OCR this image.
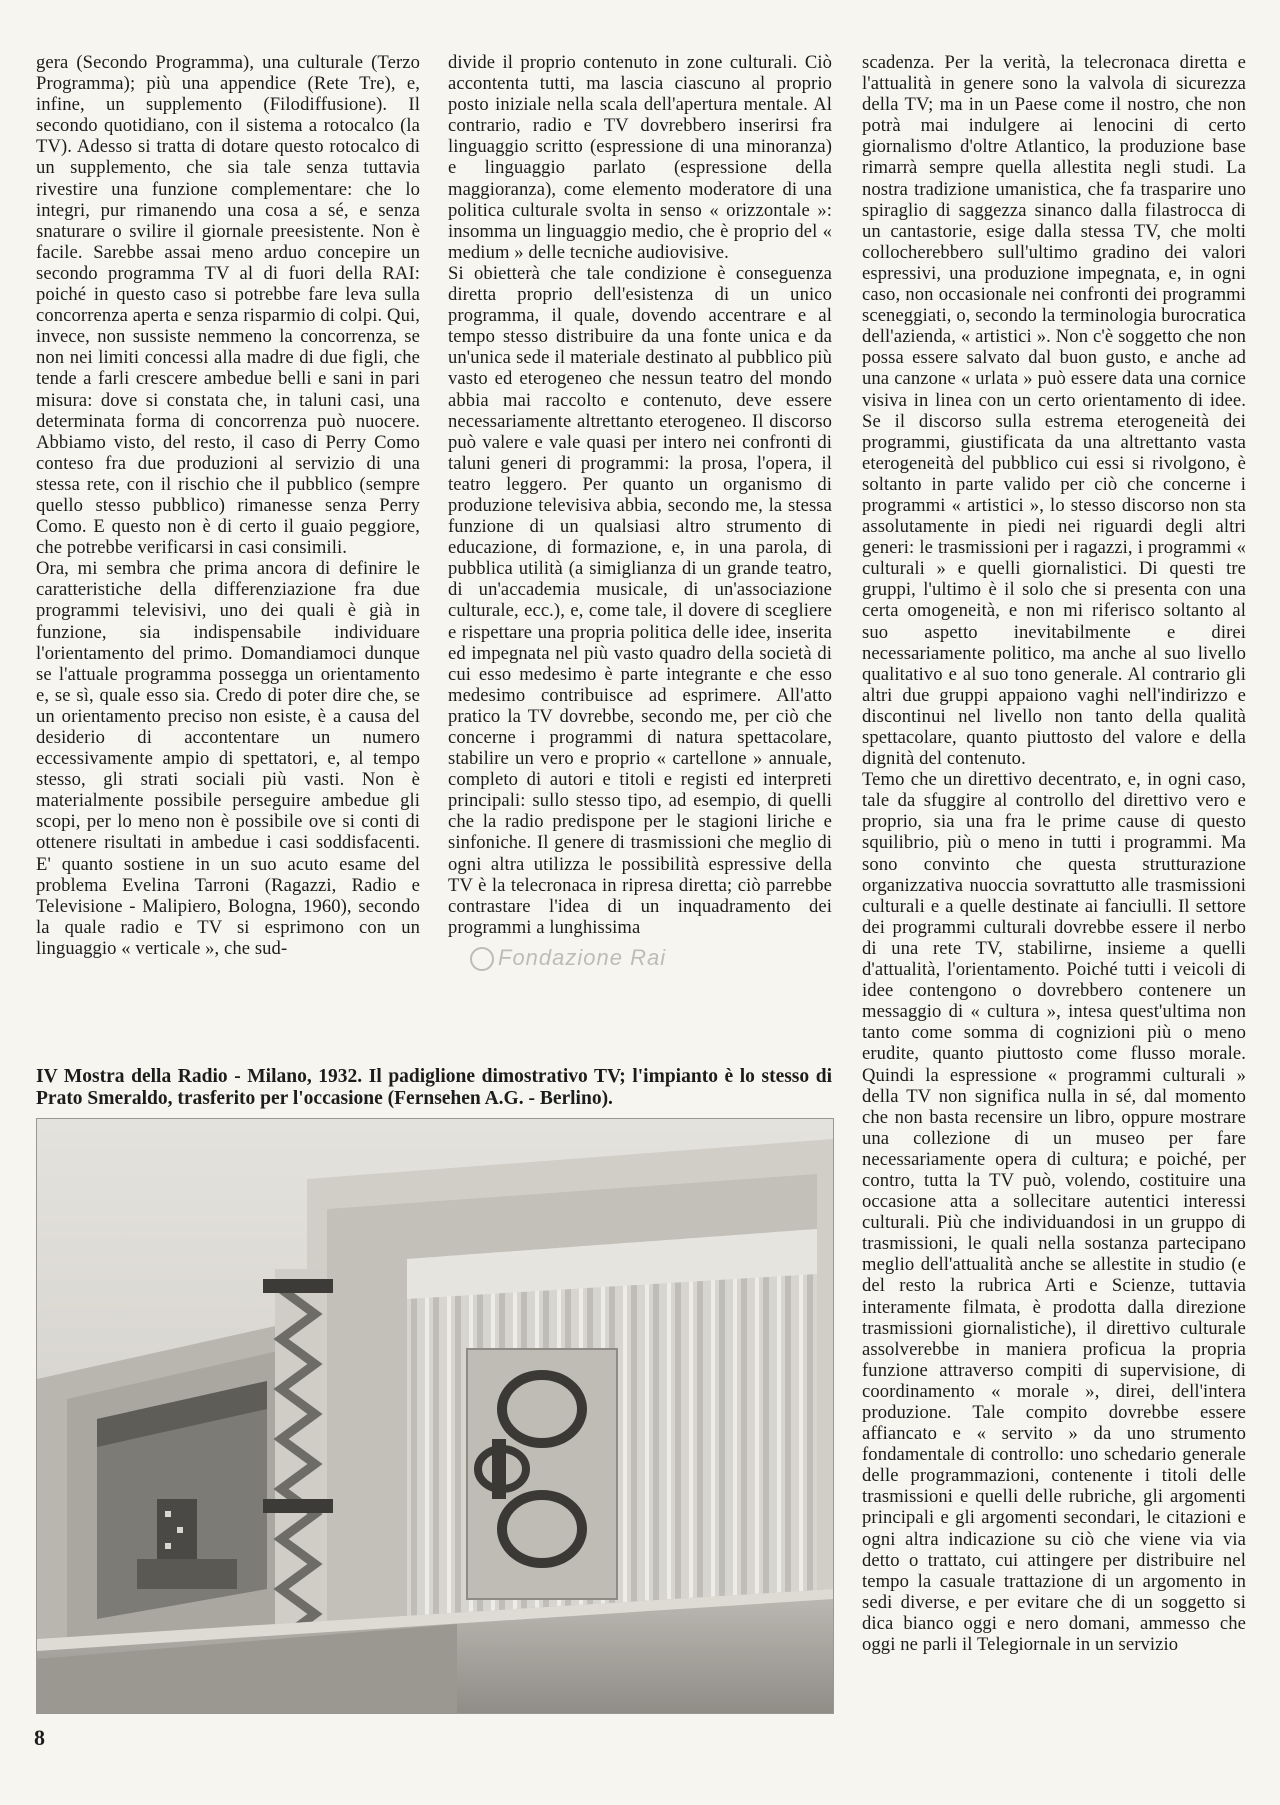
gera (Secondo Programma), una culturale (Terzo Programma); più una appendice (Rete Tre), e, infine, un supplemento (Filodiffusione). Il secondo quotidiano, con il sistema a rotocalco (la TV). Adesso si tratta di dotare questo rotocalco di un supplemento, che sia tale senza tuttavia rivestire una funzione complementare: che lo integri, pur rimanendo una cosa a sé, e senza snaturare o svilire il giornale preesistente. Non è facile. Sarebbe assai meno arduo concepire un secondo programma TV al di fuori della RAI: poiché in questo caso si potrebbe fare leva sulla concorrenza aperta e senza risparmio di colpi. Qui, invece, non sussiste nemmeno la concorrenza, se non nei limiti concessi alla madre di due figli, che tende a farli crescere ambedue belli e sani in pari misura: dove si constata che, in taluni casi, una determinata forma di concorrenza può nuocere. Abbiamo visto, del resto, il caso di Perry Como conteso fra due produzioni al servizio di una stessa rete, con il rischio che il pubblico (sempre quello stesso pubblico) rimanesse senza Perry Como. E questo non è di certo il guaio peggiore, che potrebbe verificarsi in casi consimili.

Ora, mi sembra che prima ancora di definire le caratteristiche della differenziazione fra due programmi televisivi, uno dei quali è già in funzione, sia indispensabile individuare l'orientamento del primo. Domandiamoci dunque se l'attuale programma possegga un orientamento e, se sì, quale esso sia. Credo di poter dire che, se un orientamento preciso non esiste, è a causa del desiderio di accontentare un numero eccessivamente ampio di spettatori, e, al tempo stesso, gli strati sociali più vasti. Non è materialmente possibile perseguire ambedue gli scopi, per lo meno non è possibile ove si conti di ottenere risultati in ambedue i casi soddisfacenti. E' quanto sostiene in un suo acuto esame del problema Evelina Tarroni (Ragazzi, Radio e Televisione - Malipiero, Bologna, 1960), secondo la quale radio e TV si esprimono con un linguaggio « verticale », che sud-

divide il proprio contenuto in zone culturali. Ciò accontenta tutti, ma lascia ciascuno al proprio posto iniziale nella scala dell'apertura mentale. Al contrario, radio e TV dovrebbero inserirsi fra linguaggio scritto (espressione di una minoranza) e linguaggio parlato (espressione della maggioranza), come elemento moderatore di una politica culturale svolta in senso « orizzontale »: insomma un linguaggio medio, che è proprio del « medium » delle tecniche audiovisive.

Si obietterà che tale condizione è conseguenza diretta proprio dell'esistenza di un unico programma, il quale, dovendo accentrare e al tempo stesso distribuire da una fonte unica e da un'unica sede il materiale destinato al pubblico più vasto ed eterogeneo che nessun teatro del mondo abbia mai raccolto e contenuto, deve essere necessariamente altrettanto eterogeneo. Il discorso può valere e vale quasi per intero nei confronti di taluni generi di programmi: la prosa, l'opera, il teatro leggero. Per quanto un organismo di produzione televisiva abbia, secondo me, la stessa funzione di un qualsiasi altro strumento di educazione, di formazione, e, in una parola, di pubblica utilità (a simiglianza di un grande teatro, di un'accademia musicale, di un'associazione culturale, ecc.), e, come tale, il dovere di scegliere e rispettare una propria politica delle idee, inserita ed impegnata nel più vasto quadro della società di cui esso medesimo è parte integrante e che esso medesimo contribuisce ad esprimere. All'atto pratico la TV dovrebbe, secondo me, per ciò che concerne i programmi di natura spettacolare, stabilire un vero e proprio « cartellone » annuale, completo di autori e titoli e registi ed interpreti principali: sullo stesso tipo, ad esempio, di quelli che la radio predispone per le stagioni liriche e sinfoniche. Il genere di trasmissioni che meglio di ogni altra utilizza le possibilità espressive della TV è la telecronaca in ripresa diretta; ciò parrebbe contrastare l'idea di un inquadramento dei programmi a lunghissima

scadenza. Per la verità, la telecronaca diretta e l'attualità in genere sono la valvola di sicurezza della TV; ma in un Paese come il nostro, che non potrà mai indulgere ai lenocini di certo giornalismo d'oltre Atlantico, la produzione base rimarrà sempre quella allestita negli studi. La nostra tradizione umanistica, che fa trasparire uno spiraglio di saggezza sinanco dalla filastrocca di un cantastorie, esige dalla stessa TV, che molti collocherebbero sull'ultimo gradino dei valori espressivi, una produzione impegnata, e, in ogni caso, non occasionale nei confronti dei programmi sceneggiati, o, secondo la terminologia burocratica dell'azienda, « artistici ». Non c'è soggetto che non possa essere salvato dal buon gusto, e anche ad una canzone « urlata » può essere data una cornice visiva in linea con un certo orientamento di idee. Se il discorso sulla estrema eterogeneità dei programmi, giustificata da una altrettanto vasta eterogeneità del pubblico cui essi si rivolgono, è soltanto in parte valido per ciò che concerne i programmi « artistici », lo stesso discorso non sta assolutamente in piedi nei riguardi degli altri generi: le trasmissioni per i ragazzi, i programmi « culturali » e quelli giornalistici. Di questi tre gruppi, l'ultimo è il solo che si presenta con una certa omogeneità, e non mi riferisco soltanto al suo aspetto inevitabilmente e direi necessariamente politico, ma anche al suo livello qualitativo e al suo tono generale. Al contrario gli altri due gruppi appaiono vaghi nell'indirizzo e discontinui nel livello non tanto della qualità spettacolare, quanto piuttosto del valore e della dignità del contenuto.

Temo che un direttivo decentrato, e, in ogni caso, tale da sfuggire al controllo del direttivo vero e proprio, sia una fra le prime cause di questo squilibrio, più o meno in tutti i programmi. Ma sono convinto che questa strutturazione organizzativa nuoccia sovrattutto alle trasmissioni culturali e a quelle destinate ai fanciulli. Il settore dei programmi culturali dovrebbe essere il nerbo di una rete TV, stabilirne, insieme a quelli d'attualità, l'orientamento. Poiché tutti i veicoli di idee contengono o dovrebbero contenere un messaggio di « cultura », intesa quest'ultima non tanto come somma di cognizioni più o meno erudite, quanto piuttosto come flusso morale. Quindi la espressione « programmi culturali » della TV non significa nulla in sé, dal momento che non basta recensire un libro, oppure mostrare una collezione di un museo per fare necessariamente opera di cultura; e poiché, per contro, tutta la TV può, volendo, costituire una occasione atta a sollecitare autentici interessi culturali. Più che individuandosi in un gruppo di trasmissioni, le quali nella sostanza partecipano meglio dell'attualità anche se allestite in studio (e del resto la rubrica Arti e Scienze, tuttavia interamente filmata, è prodotta dalla direzione trasmissioni giornalistiche), il direttivo culturale assolverebbe in maniera proficua la propria funzione attraverso compiti di supervisione, di coordinamento « morale », direi, dell'intera produzione. Tale compito dovrebbe essere affiancato e « servito » da uno strumento fondamentale di controllo: uno schedario generale delle programmazioni, contenente i titoli delle trasmissioni e quelli delle rubriche, gli argomenti principali e gli argomenti secondari, le citazioni e ogni altra indicazione su ciò che viene via via detto o trattato, cui attingere per distribuire nel tempo la casuale trattazione di un argomento in sedi diverse, e per evitare che di un soggetto si dica bianco oggi e nero domani, ammesso che oggi ne parli il Telegiornale in un servizio

Fondazione Rai
IV Mostra della Radio - Milano, 1932. Il padiglione dimostrativo TV; l'impianto è lo stesso di Prato Smeraldo, trasferito per l'occasione (Fernsehen A.G. - Berlino).
8
